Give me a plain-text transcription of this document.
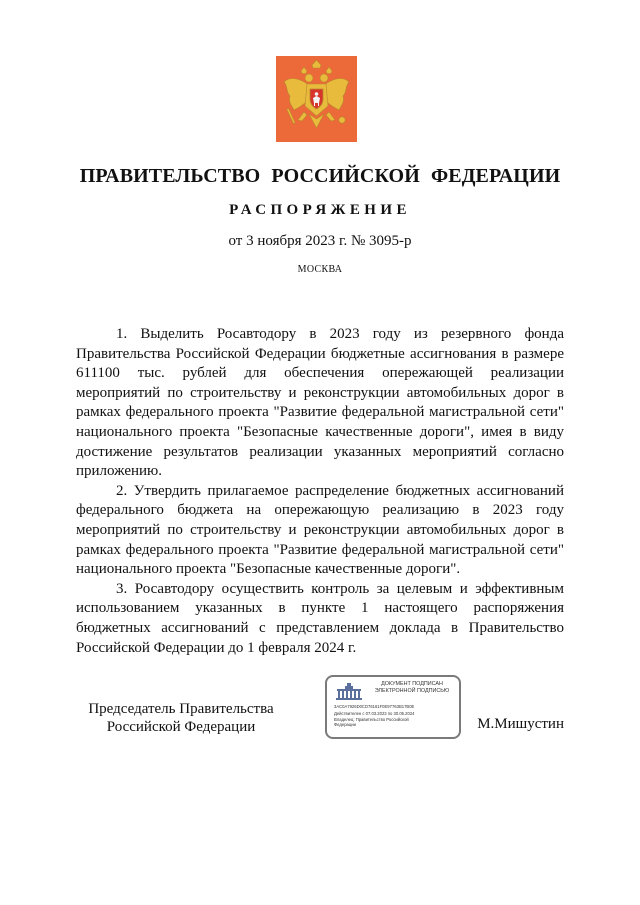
ПРАВИТЕЛЬСТВО РОССИЙСКОЙ ФЕДЕРАЦИИ
РАСПОРЯЖЕНИЕ

от 3 ноября 2023 г. № 3095-р

МОСКВА

1. Выделить Росавтодору в 2023 году из резервного фонда Правительства Российской Федерации бюджетные ассигнования в размере 611100 тыс. рублей для обеспечения опережающей реализации мероприятий по строительству и реконструкции автомобильных дорог в рамках федерального проекта "Развитие федеральной магистральной сети" национального проекта "Безопасные качественные дороги", имея в виду достижение результатов реализации указанных мероприятий согласно приложению.

2. Утвердить прилагаемое распределение бюджетных ассигнований федерального бюджета на опережающую реализацию в 2023 году мероприятий по строительству и реконструкции автомобильных дорог в рамках федерального проекта "Развитие федеральной магистральной сети" национального проекта "Безопасные качественные дороги".

3. Росавтодору осуществить контроль за целевым и эффективным использованием указанных в пункте 1 настоящего распоряжения бюджетных ассигнований с представлением доклада в Правительство Российской Федерации до 1 февраля 2024 г.

Председатель Правительства
Российской Федерации
ДОКУМЕНТ ПОДПИСАН
ЭЛЕКТРОННОЙ ПОДПИСЬЮ
3AC0A7926D0CD76161F0E97763B17B0E
Действителен с 07.03.2023 по 30.05.2024
Владелец: Правительство Российской
Федерации	М.Мишустин
